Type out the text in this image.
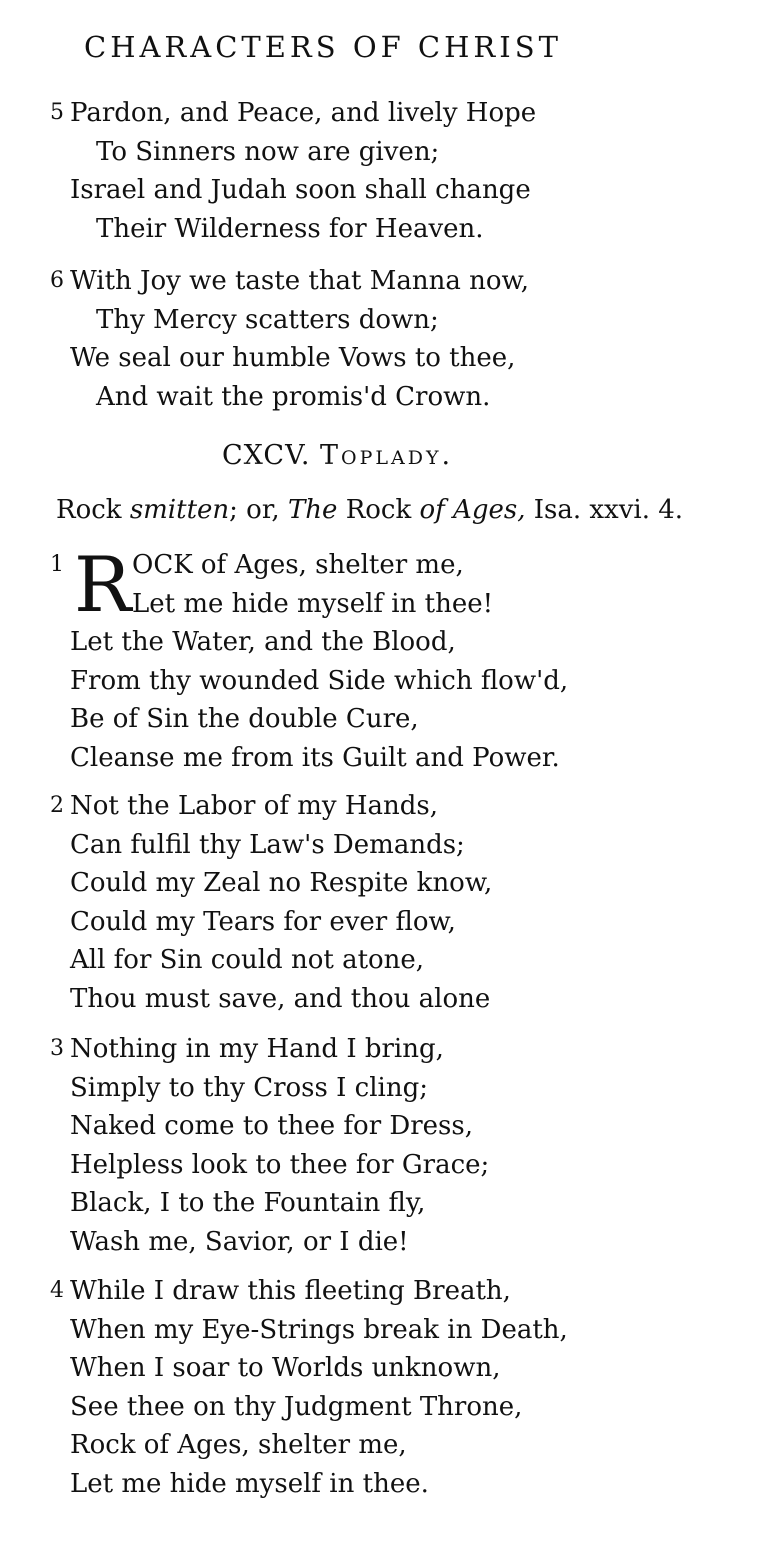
CHARACTERS OF CHRIST
5 Pardon, and Peace, and lively Hope
To Sinners now are given;
Israel and Judah soon shall change
Their Wilderness for Heaven.
6 With Joy we taste that Manna now,
Thy Mercy scatters down;
We seal our humble Vows to thee,
And wait the promis'd Crown.
CXCV. Toplady.
Rock smitten; or, The Rock of Ages, Isa. xxvi. 4.
1 R OCK of Ages, shelter me,
Let me hide myself in thee!
Let the Water, and the Blood,
From thy wounded Side which flow'd,
Be of Sin the double Cure,
Cleanse me from its Guilt and Power.
2 Not the Labor of my Hands,
Can fulfil thy Law's Demands;
Could my Zeal no Respite know,
Could my Tears for ever flow,
All for Sin could not atone,
Thou must save, and thou alone
3 Nothing in my Hand I bring,
Simply to thy Cross I cling;
Naked come to thee for Dress,
Helpless look to thee for Grace;
Black, I to the Fountain fly,
Wash me, Savior, or I die!
4 While I draw this fleeting Breath,
When my Eye-Strings break in Death,
When I soar to Worlds unknown,
See thee on thy Judgment Throne,
Rock of Ages, shelter me,
Let me hide myself in thee.
